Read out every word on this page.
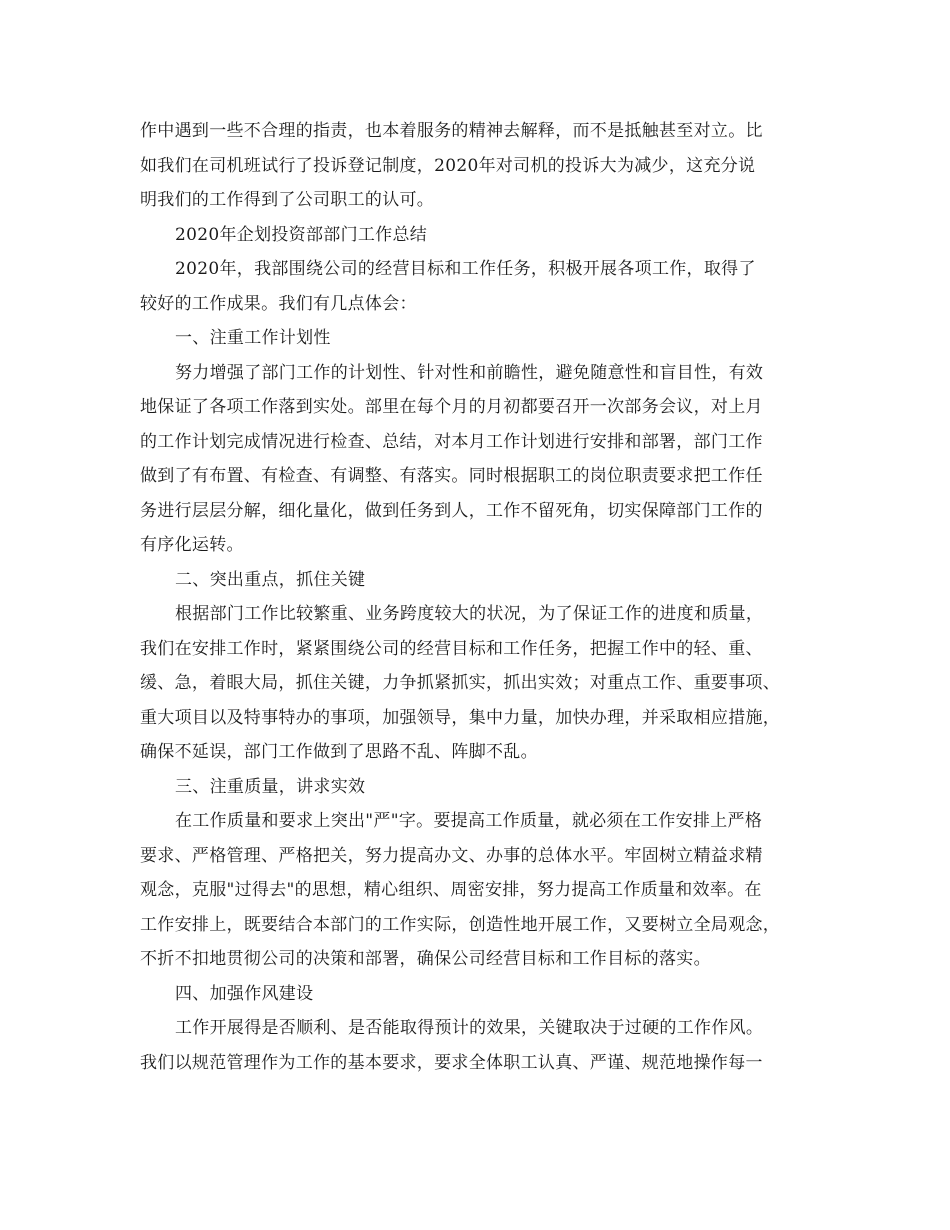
作中遇到一些不合理的指责，也本着服务的精神去解释，而不是抵触甚至对立。比
如我们在司机班试行了投诉登记制度，2020年对司机的投诉大为减少，这充分说
明我们的工作得到了公司职工的认可。
2020年企划投资部部门工作总结
2020年，我部围绕公司的经营目标和工作任务，积极开展各项工作，取得了
较好的工作成果。我们有几点体会：
一、注重工作计划性
努力增强了部门工作的计划性、针对性和前瞻性，避免随意性和盲目性，有效
地保证了各项工作落到实处。部里在每个月的月初都要召开一次部务会议，对上月
的工作计划完成情况进行检查、总结，对本月工作计划进行安排和部署，部门工作
做到了有布置、有检查、有调整、有落实。同时根据职工的岗位职责要求把工作任
务进行层层分解，细化量化，做到任务到人，工作不留死角，切实保障部门工作的
有序化运转。
二、突出重点，抓住关键
根据部门工作比较繁重、业务跨度较大的状况，为了保证工作的进度和质量，
我们在安排工作时，紧紧围绕公司的经营目标和工作任务，把握工作中的轻、重、
缓、急，着眼大局，抓住关键，力争抓紧抓实，抓出实效；对重点工作、重要事项、
重大项目以及特事特办的事项，加强领导，集中力量，加快办理，并采取相应措施，
确保不延误，部门工作做到了思路不乱、阵脚不乱。
三、注重质量，讲求实效
在工作质量和要求上突出"严"字。要提高工作质量，就必须在工作安排上严格
要求、严格管理、严格把关，努力提高办文、办事的总体水平。牢固树立精益求精
观念，克服"过得去"的思想，精心组织、周密安排，努力提高工作质量和效率。在
工作安排上，既要结合本部门的工作实际，创造性地开展工作，又要树立全局观念，
不折不扣地贯彻公司的决策和部署，确保公司经营目标和工作目标的落实。
四、加强作风建设
工作开展得是否顺利、是否能取得预计的效果，关键取决于过硬的工作作风。
我们以规范管理作为工作的基本要求，要求全体职工认真、严谨、规范地操作每一
